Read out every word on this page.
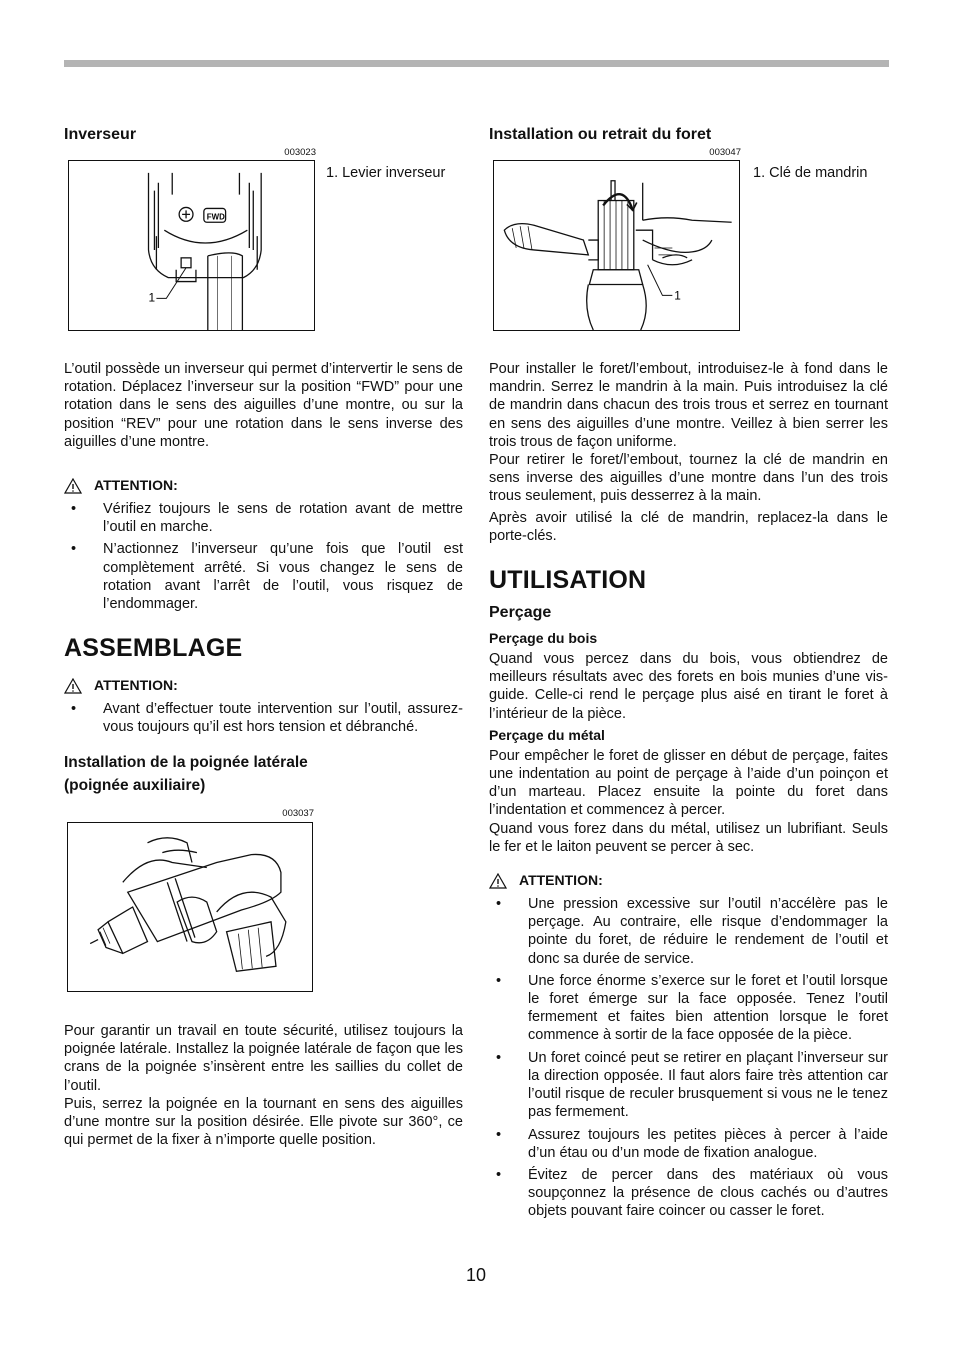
Inverseur
003023
FWD
1
1. Levier inverseur

L’outil possède un inverseur qui permet d’intervertir le sens de rotation. Déplacez l’inverseur sur la position “FWD” pour une rotation dans le sens des aiguilles d’une montre, ou sur la position “REV” pour une rotation dans le sens inverse des aiguilles d’une montre.

ATTENTION:
• Vérifiez toujours le sens de rotation avant de mettre l’outil en marche.
• N’actionnez l’inverseur qu’une fois que l’outil est complètement arrêté. Si vous changez le sens de rotation avant l’arrêt de l’outil, vous risquez de l’endommager.
ASSEMBLAGE
ATTENTION:
• Avant d’effectuer toute intervention sur l’outil, assurez-vous toujours qu’il est hors tension et débranché.
Installation de la poignée latérale
(poignée auxiliaire)
003037

Pour garantir un travail en toute sécurité, utilisez toujours la poignée latérale. Installez la poignée latérale de façon que les crans de la poignée s’insèrent entre les saillies du collet de l’outil.

Puis, serrez la poignée en la tournant en sens des aiguilles d’une montre sur la position désirée. Elle pivote sur 360°, ce qui permet de la fixer à n’importe quelle position.

Installation ou retrait du foret
003047
1
1. Clé de mandrin

Pour installer le foret/l’embout, introduisez-le à fond dans le mandrin. Serrez le mandrin à la main. Puis introduisez la clé de mandrin dans chacun des trois trous et serrez en tournant en sens des aiguilles d’une montre. Veillez à bien serrer les trois trous de façon uniforme.

Pour retirer le foret/l’embout, tournez la clé de mandrin en sens inverse des aiguilles d’une montre dans l’un des trois trous seulement, puis desserrez à la main.

Après avoir utilisé la clé de mandrin, replacez-la dans le porte-clés.

UTILISATION
Perçage
Perçage du bois

Quand vous percez dans du bois, vous obtiendrez de meilleurs résultats avec des forets en bois munies d’une vis-guide. Celle-ci rend le perçage plus aisé en tirant le foret à l’intérieur de la pièce.

Perçage du métal

Pour empêcher le foret de glisser en début de perçage, faites une indentation au point de perçage à l’aide d’un poinçon et d’un marteau. Placez ensuite la pointe du foret dans l’indentation et commencez à percer.

Quand vous forez dans du métal, utilisez un lubrifiant. Seuls le fer et le laiton peuvent se percer à sec.

ATTENTION:
• Une pression excessive sur l’outil n’accélère pas le perçage. Au contraire, elle risque d’endommager la pointe du foret, de réduire le rendement de l’outil et donc sa durée de service.
• Une force énorme s’exerce sur le foret et l’outil lorsque le foret émerge sur la face opposée. Tenez l’outil fermement et faites bien attention lorsque le foret commence à sortir de la face opposée de la pièce.
• Un foret coincé peut se retirer en plaçant l’inverseur sur la direction opposée. Il faut alors faire très attention car l’outil risque de reculer brusquement si vous ne le tenez pas fermement.
• Assurez toujours les petites pièces à percer à l’aide d’un étau ou d’un mode de fixation analogue.
• Évitez de percer dans des matériaux où vous soupçonnez la présence de clous cachés ou d’autres objets pouvant faire coincer ou casser le foret.
10
